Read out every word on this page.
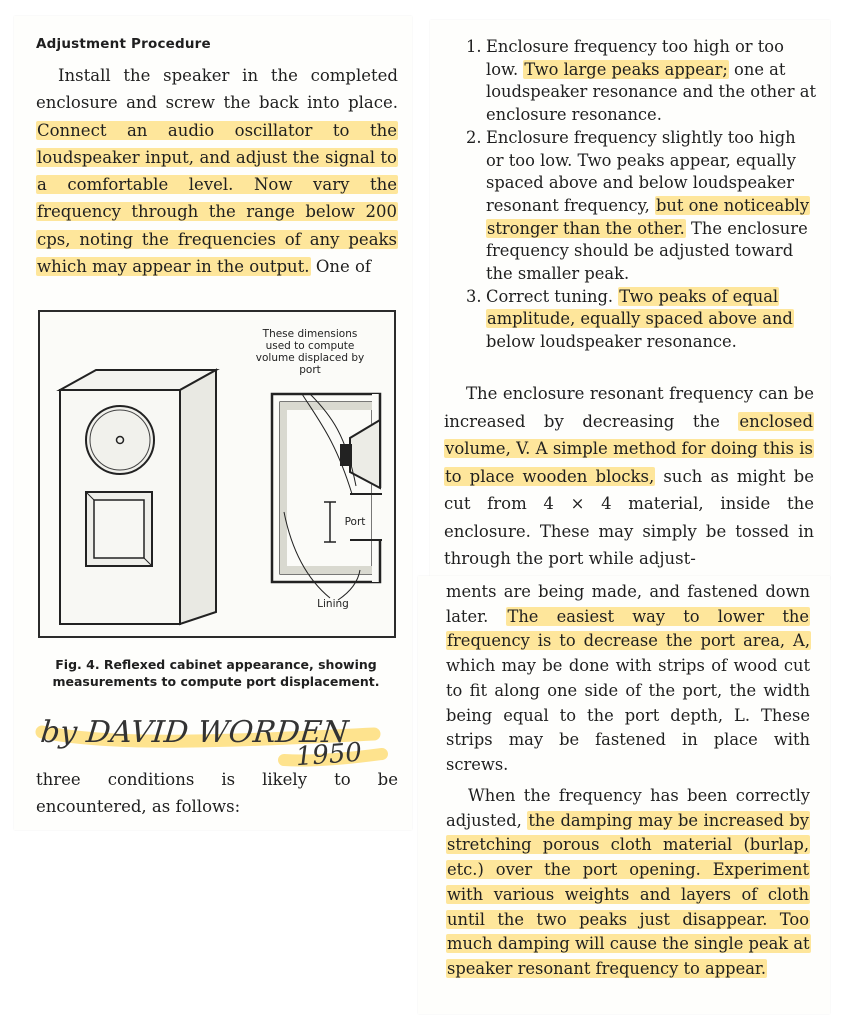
Adjustment Procedure

Install the speaker in the completed enclosure and screw the back into place. Connect an audio oscillator to the loudspeaker input, and adjust the signal to a comfortable level. Now vary the frequency through the range below 200 cps, noting the frequencies of any peaks which may appear in the output. One of

These dimensions used to compute volume displaced by port

Port

Lining

Fig. 4. Reflexed cabinet appearance, showing measurements to compute port displacement.

by DAVID WORDEN
1950

three conditions is likely to be encountered, as follows:

1. Enclosure frequency too high or too low. Two large peaks appear; one at loudspeaker resonance and the other at enclosure resonance.
2. Enclosure frequency slightly too high or too low. Two peaks appear, equally spaced above and below loudspeaker resonant frequency, but one noticeably stronger than the other. The enclosure frequency should be adjusted toward the smaller peak.
3. Correct tuning. Two peaks of equal amplitude, equally spaced above and below loudspeaker resonance.

The enclosure resonant frequency can be increased by decreasing the enclosed volume, V. A simple method for doing this is to place wooden blocks, such as might be cut from 4 × 4 material, inside the enclosure. These may simply be tossed in through the port while adjust-

ments are being made, and fastened down later. The easiest way to lower the frequency is to decrease the port area, A, which may be done with strips of wood cut to fit along one side of the port, the width being equal to the port depth, L. These strips may be fastened in place with screws.

When the frequency has been correctly adjusted, the damping may be increased by stretching porous cloth material (burlap, etc.) over the port opening. Experiment with various weights and layers of cloth until the two peaks just disappear. Too much damping will cause the single peak at speaker resonant frequency to appear.
